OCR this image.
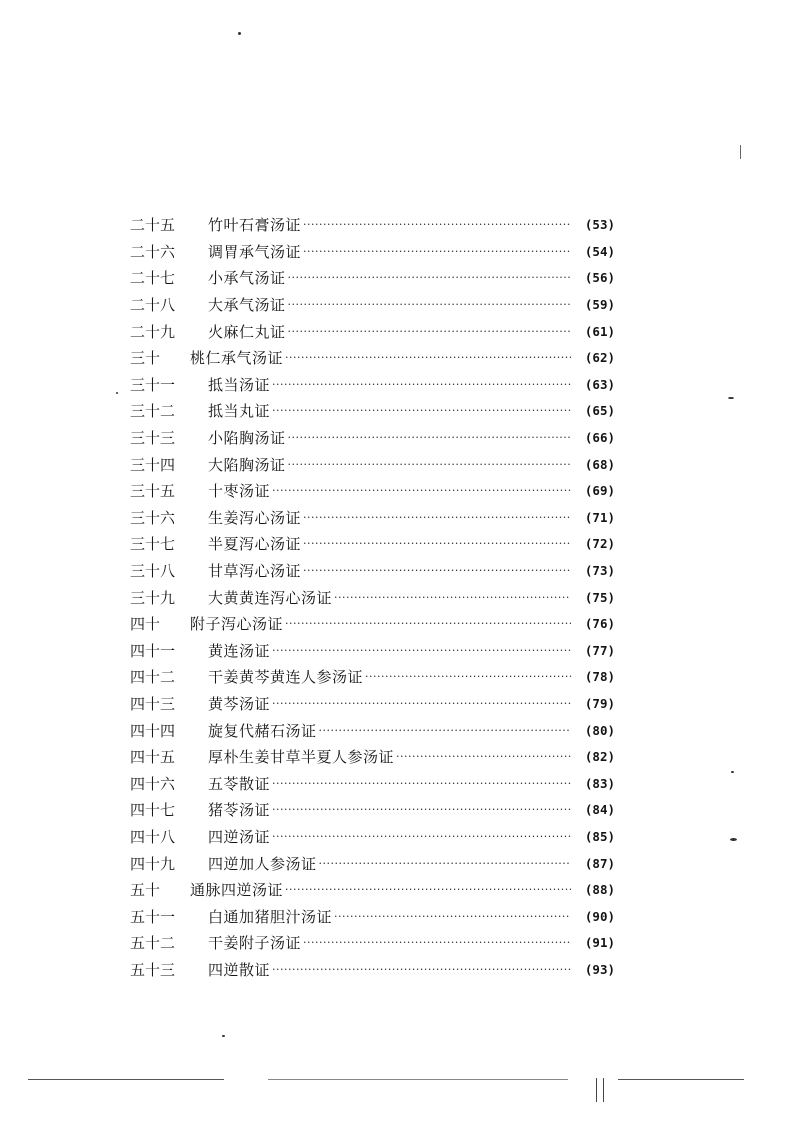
二十五	竹叶石膏汤证 ·····	(53)
二十六	调胃承气汤证 ·····	(54)
二十七	小承气汤证 ·····	(56)
二十八	大承气汤证 ·····	(59)
二十九	火麻仁丸证 ·····	(61)
三十	桃仁承气汤证 ·····	(62)
三十一	抵当汤证 ·····	(63)
三十二	抵当丸证 ·····	(65)
三十三	小陷胸汤证 ·····	(66)
三十四	大陷胸汤证 ·····	(68)
三十五	十枣汤证 ·····	(69)
三十六	生姜泻心汤证 ·····	(71)
三十七	半夏泻心汤证 ·····	(72)
三十八	甘草泻心汤证 ·····	(73)
三十九	大黄黄连泻心汤证 ·····	(75)
四十	附子泻心汤证 ·····	(76)
四十一	黄连汤证 ·····	(77)
四十二	干姜黄芩黄连人参汤证 ·····	(78)
四十三	黄芩汤证 ·····	(79)
四十四	旋复代赭石汤证 ·····	(80)
四十五	厚朴生姜甘草半夏人参汤证 ·····	(82)
四十六	五苓散证 ·····	(83)
四十七	猪苓汤证 ·····	(84)
四十八	四逆汤证 ·····	(85)
四十九	四逆加人参汤证 ·····	(87)
五十	通脉四逆汤证 ·····	(88)
五十一	白通加猪胆汁汤证 ·····	(90)
五十二	干姜附子汤证 ·····	(91)
五十三	四逆散证 ·····	(93)
